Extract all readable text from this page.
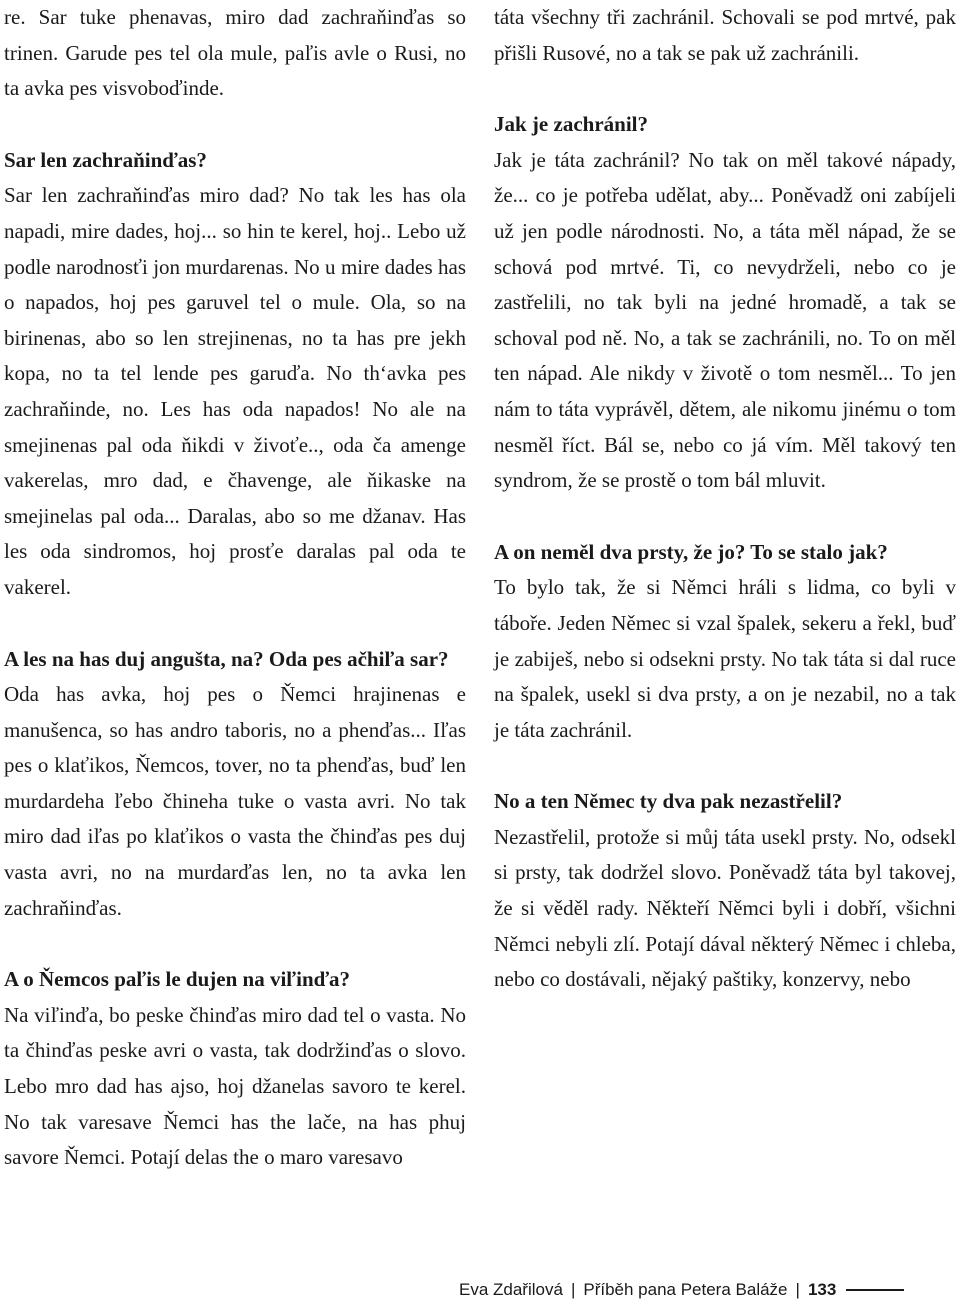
re. Sar tuke phenavas, miro dad zachraňinďas so trinen. Garude pes tel ola mule, paľis avle o Rusi, no ta avka pes visvoboďinde.

Sar len zachraňinďas?
Sar len zachraňinďas miro dad? No tak les has ola napadi, mire dades, hoj... so hin te kerel, hoj.. Lebo už podle narodnosťi jon murdarenas. No u mire dades has o napados, hoj pes garuvel tel o mule. Ola, so na birinenas, abo so len strejinenas, no ta has pre jekh kopa, no ta tel lende pes garuďa. No th‘avka pes zachraňinde, no. Les has oda napados! No ale na smejinenas pal oda ňikdi v živoťe.., oda ča amenge vakerelas, mro dad, e čhavenge, ale ňikaske na smejinelas pal oda... Daralas, abo so me džanav. Has les oda sindromos, hoj prosťe daralas pal oda te vakerel.

A les na has duj angušta, na? Oda pes ačhiľa sar?
Oda has avka, hoj pes o Ňemci hrajinenas e manušenca, so has andro taboris, no a phenďas... Iľas pes o klaťikos, Ňemcos, tover, no ta phenďas, buď len murdardeha ľebo čhineha tuke o vasta avri. No tak miro dad iľas po klaťikos o vasta the čhinďas pes duj vasta avri, no na murdarďas len, no ta avka len zachraňinďas.

A o Ňemcos paľis le dujen na viľinďa?
Na viľinďa, bo peske čhinďas miro dad tel o vasta. No ta čhinďas peske avri o vasta, tak dodržinďas o slovo. Lebo mro dad has ajso, hoj džanelas savoro te kerel. No tak varesave Ňemci has the lače, na has phuj savore Ňemci. Potají delas the o maro varesavo

táta všechny tři zachránil. Schovali se pod mrtvé, pak přišli Rusové, no a tak se pak už zachránili.

Jak je zachránil?
Jak je táta zachránil? No tak on měl takové nápady, že... co je potřeba udělat, aby... Poněvadž oni zabíjeli už jen podle národnosti. No, a táta měl nápad, že se schová pod mrtvé. Ti, co nevydrželi, nebo co je zastřelili, no tak byli na jedné hromadě, a tak se schoval pod ně. No, a tak se zachránili, no. To on měl ten nápad. Ale nikdy v životě o tom nesměl... To jen nám to táta vyprávěl, dětem, ale nikomu jinému o tom nesměl říct. Bál se, nebo co já vím. Měl takový ten syndrom, že se prostě o tom bál mluvit.

A on neměl dva prsty, že jo? To se stalo jak?
To bylo tak, že si Němci hráli s lidma, co byli v táboře. Jeden Němec si vzal špalek, sekeru a řekl, buď je zabiješ, nebo si odsekni prsty. No tak táta si dal ruce na špalek, usekl si dva prsty, a on je nezabil, no a tak je táta zachránil.

No a ten Němec ty dva pak nezastřelil?
Nezastřelil, protože si můj táta usekl prsty. No, odsekl si prsty, tak dodržel slovo. Poněvadž táta byl takovej, že si věděl rady. Někteří Němci byli i dobří, všichni Němci nebyli zlí. Potají dával některý Němec i chleba, nebo co dostávali, nějaký paštiky, konzervy, nebo

Eva Zdařilová | Příběh pana Petera Baláže | 133
